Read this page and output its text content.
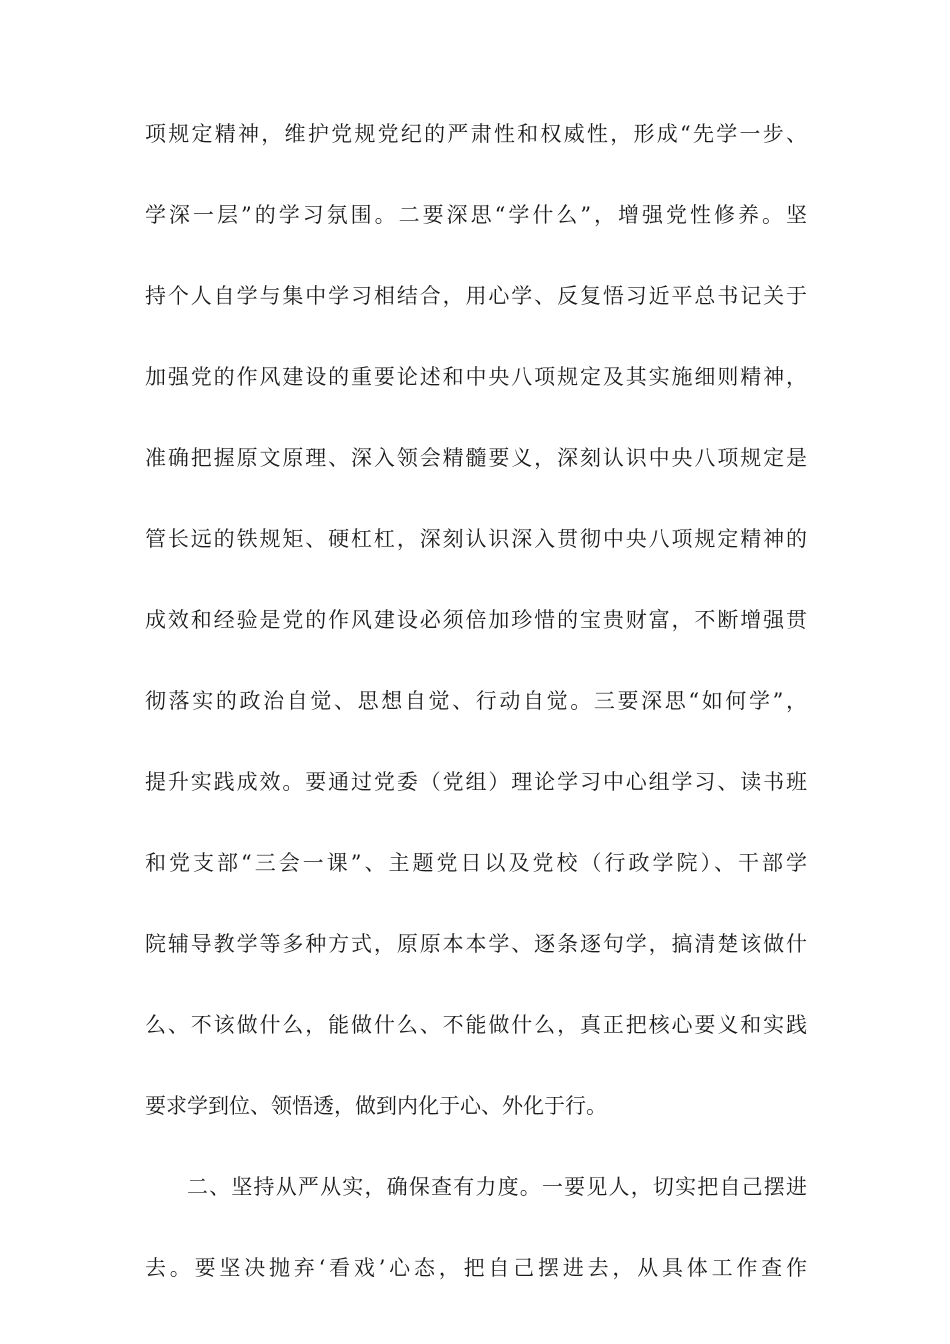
项规定精神，维护党规党纪的严肃性和权威性，形成“先学一步、
学深一层”的学习氛围。二要深思“学什么”，增强党性修养。坚
持个人自学与集中学习相结合，用心学、反复悟习近平总书记关于
加强党的作风建设的重要论述和中央八项规定及其实施细则精神，
准确把握原文原理、深入领会精髓要义，深刻认识中央八项规定是
管长远的铁规矩、硬杠杠，深刻认识深入贯彻中央八项规定精神的
成效和经验是党的作风建设必须倍加珍惜的宝贵财富，不断增强贯
彻落实的政治自觉、思想自觉、行动自觉。三要深思“如何学”，
提升实践成效。要通过党委（党组）理论学习中心组学习、读书班
和党支部“三会一课”、主题党日以及党校（行政学院）、干部学
院辅导教学等多种方式，原原本本学、逐条逐句学，搞清楚该做什
么、不该做什么，能做什么、不能做什么，真正把核心要义和实践
要求学到位、领悟透，做到内化于心、外化于行。
二、坚持从严从实，确保查有力度。一要见人，切实把自己摆进
去。要坚决抛弃‘看戏’心态，把自己摆进去，从具体工作查作
